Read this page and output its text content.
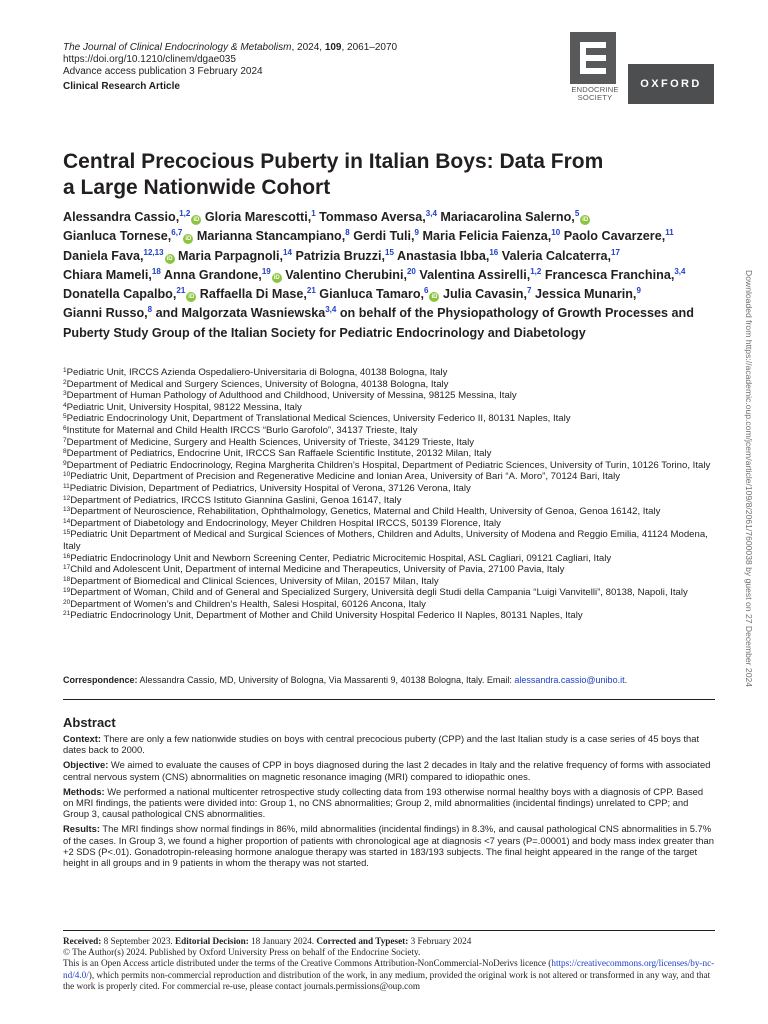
The Journal of Clinical Endocrinology & Metabolism, 2024, 109, 2061–2070
https://doi.org/10.1210/clinem/dgae035
Advance access publication 3 February 2024
Clinical Research Article	ENDOCRINE
SOCIETY
OXFORD
Downloaded from https://academic.oup.com/jcem/article/109/8/2061/7600038 by guest on 27 December 2024
Central Precocious Puberty in Italian Boys: Data From
a Large Nationwide Cohort
Alessandra Cassio,$^{1,2}$iD Gloria Marescotti,$^1$ Tommaso Aversa,$^{3,4}$ Mariacarolina Salerno,$^5$iD Gianluca Tornese,$^{6,7}$iD Marianna Stancampiano,$^8$ Gerdi Tuli,$^9$ Maria Felicia Faienza,$^{10}$ Paolo Cavarzere,$^{11}$ Daniela Fava,$^{12,13}$iD Maria Parpagnoli,$^{14}$ Patrizia Bruzzi,$^{15}$ Anastasia Ibba,$^{16}$ Valeria Calcaterra,$^{17}$ Chiara Mameli,$^{18}$ Anna Grandone,$^{19}$iD Valentino Cherubini,$^{20}$ Valentina Assirelli,$^{1,2}$ Francesca Franchina,$^{3,4}$ Donatella Capalbo,$^{21}$iD Raffaella Di Mase,$^{21}$ Gianluca Tamaro,$^6$iD Julia Cavasin,$^7$ Jessica Munarin,$^9$ Gianni Russo,$^8$ and Malgorzata Wasniewska$^{3,4}$ on behalf of the Physiopathology of Growth Processes and Puberty Study Group of the Italian Society for Pediatric Endocrinology and Diabetology
$^1$Pediatric Unit, IRCCS Azienda Ospedaliero-Universitaria di Bologna, 40138 Bologna, Italy
$^2$Department of Medical and Surgery Sciences, University of Bologna, 40138 Bologna, Italy
$^3$Department of Human Pathology of Adulthood and Childhood, University of Messina, 98125 Messina, Italy
$^4$Pediatric Unit, University Hospital, 98122 Messina, Italy
$^5$Pediatric Endocrinology Unit, Department of Translational Medical Sciences, University Federico II, 80131 Naples, Italy
$^6$Institute for Maternal and Child Health IRCCS “Burlo Garofolo”, 34137 Trieste, Italy
$^7$Department of Medicine, Surgery and Health Sciences, University of Trieste, 34129 Trieste, Italy
$^8$Department of Pediatrics, Endocrine Unit, IRCCS San Raffaele Scientific Institute, 20132 Milan, Italy
$^9$Department of Pediatric Endocrinology, Regina Margherita Children’s Hospital, Department of Pediatric Sciences, University of Turin, 10126 Torino, Italy
$^{10}$Pediatric Unit, Department of Precision and Regenerative Medicine and Ionian Area, University of Bari “A. Moro”, 70124 Bari, Italy
$^{11}$Pediatric Division, Department of Pediatrics, University Hospital of Verona, 37126 Verona, Italy
$^{12}$Department of Pediatrics, IRCCS Istituto Giannina Gaslini, Genoa 16147, Italy
$^{13}$Department of Neuroscience, Rehabilitation, Ophthalmology, Genetics, Maternal and Child Health, University of Genoa, Genoa 16142, Italy
$^{14}$Department of Diabetology and Endocrinology, Meyer Children Hospital IRCCS, 50139 Florence, Italy
$^{15}$Pediatric Unit Department of Medical and Surgical Sciences of Mothers, Children and Adults, University of Modena and Reggio Emilia, 41124 Modena, Italy
$^{16}$Pediatric Endocrinology Unit and Newborn Screening Center, Pediatric Microcitemic Hospital, ASL Cagliari, 09121 Cagliari, Italy
$^{17}$Child and Adolescent Unit, Department of internal Medicine and Therapeutics, University of Pavia, 27100 Pavia, Italy
$^{18}$Department of Biomedical and Clinical Sciences, University of Milan, 20157 Milan, Italy
$^{19}$Department of Woman, Child and of General and Specialized Surgery, Università degli Studi della Campania “Luigi Vanvitelli”, 80138, Napoli, Italy
$^{20}$Department of Women’s and Children’s Health, Salesi Hospital, 60126 Ancona, Italy
$^{21}$Pediatric Endocrinology Unit, Department of Mother and Child University Hospital Federico II Naples, 80131 Naples, Italy
Correspondence: Alessandra Cassio, MD, University of Bologna, Via Massarenti 9, 40138 Bologna, Italy. Email: alessandra.cassio@unibo.it.
Abstract

Context: There are only a few nationwide studies on boys with central precocious puberty (CPP) and the last Italian study is a case series of 45 boys that dates back to 2000.

Objective: We aimed to evaluate the causes of CPP in boys diagnosed during the last 2 decades in Italy and the relative frequency of forms with associated central nervous system (CNS) abnormalities on magnetic resonance imaging (MRI) compared to idiopathic ones.

Methods: We performed a national multicenter retrospective study collecting data from 193 otherwise normal healthy boys with a diagnosis of CPP. Based on MRI findings, the patients were divided into: Group 1, no CNS abnormalities; Group 2, mild abnormalities (incidental findings) unrelated to CPP; and Group 3, causal pathological CNS abnormalities.

Results: The MRI findings show normal findings in 86%, mild abnormalities (incidental findings) in 8.3%, and causal pathological CNS abnormalities in 5.7% of the cases. In Group 3, we found a higher proportion of patients with chronological age at diagnosis <7 years (P=.00001) and body mass index greater than +2 SDS (P<.01). Gonadotropin-releasing hormone analogue therapy was started in 183/193 subjects. The final height appeared in the range of the target height in all groups and in 9 patients in whom the therapy was not started.

Received: 8 September 2023. Editorial Decision: 18 January 2024. Corrected and Typeset: 3 February 2024
© The Author(s) 2024. Published by Oxford University Press on behalf of the Endocrine Society.
This is an Open Access article distributed under the terms of the Creative Commons Attribution-NonCommercial-NoDerivs licence (https://creativecommons.org/licenses/by-nc-nd/4.0/), which permits non-commercial reproduction and distribution of the work, in any medium, provided the original work is not altered or transformed in any way, and that the work is properly cited. For commercial re-use, please contact journals.permissions@oup.com
